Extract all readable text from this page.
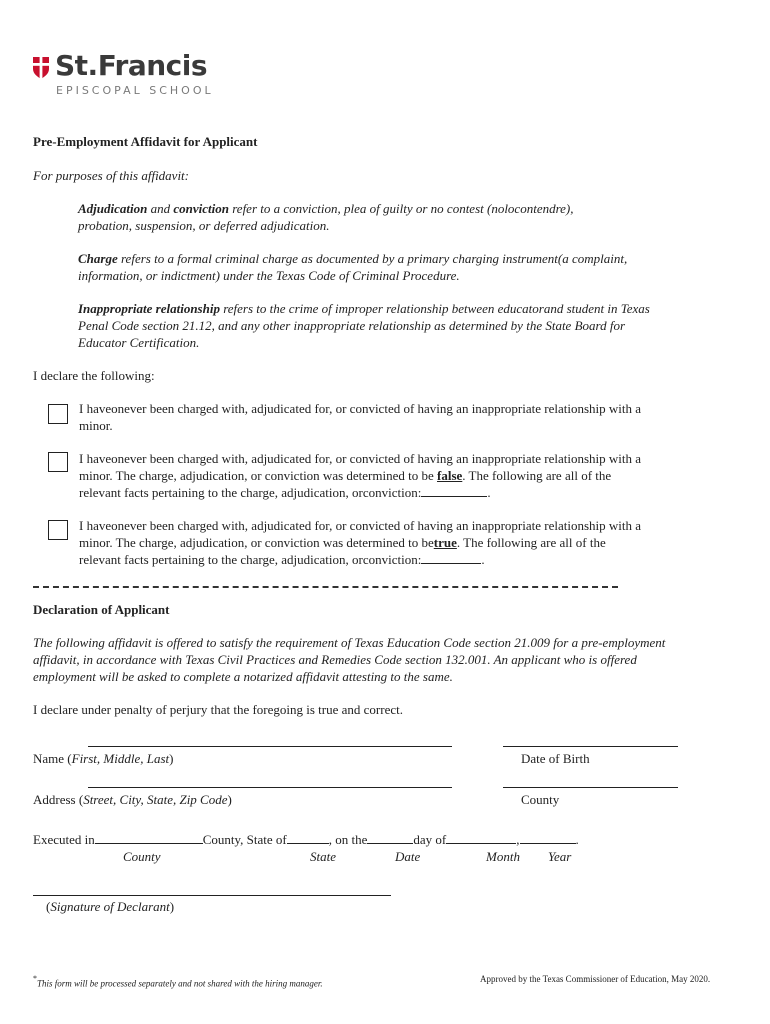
St.Francis
EPISCOPAL SCHOOL
Pre-Employment Affidavit for Applicant
For purposes of this affidavit:
Adjudication and conviction refer to a conviction, plea of guilty or no contest (nolocontendre),
probation, suspension, or deferred adjudication.
Charge refers to a formal criminal charge as documented by a primary charging instrument(a complaint,
information, or indictment) under the Texas Code of Criminal Procedure.
Inappropriate relationship refers to the crime of improper relationship between educatorand student in Texas
Penal Code section 21.12, and any other inappropriate relationship as determined by the State Board for
Educator Certification.
I declare the following:
I haveonever been charged with, adjudicated for, or convicted of having an inappropriate relationship with a
minor.
I haveonever been charged with, adjudicated for, or convicted of having an inappropriate relationship with a
minor. The charge, adjudication, or conviction was determined to be false. The following are all of the
relevant facts pertaining to the charge, adjudication, orconviction:	.
I haveonever been charged with, adjudicated for, or convicted of having an inappropriate relationship with a
minor. The charge, adjudication, or conviction was determined to betrue. The following are all of the
relevant facts pertaining to the charge, adjudication, orconviction:	.
Declaration of Applicant
The following affidavit is offered to satisfy the requirement of Texas Education Code section 21.009 for a pre-employment
affidavit, in accordance with Texas Civil Practices and Remedies Code section 132.001. An applicant who is offered
employment will be asked to complete a notarized affidavit attesting to the same.
I declare under penalty of perjury that the foregoing is true and correct.
Name (First, Middle, Last)	Date of Birth
Address (Street, City, State, Zip Code)	County
Executed in	County, State of	, on the	day of	,	.
County	State	Date	Month Year
(Signature of Declarant)
*This form will be processed separately and not shared with the hiring manager.	Approved by the Texas Commissioner of Education, May 2020.
